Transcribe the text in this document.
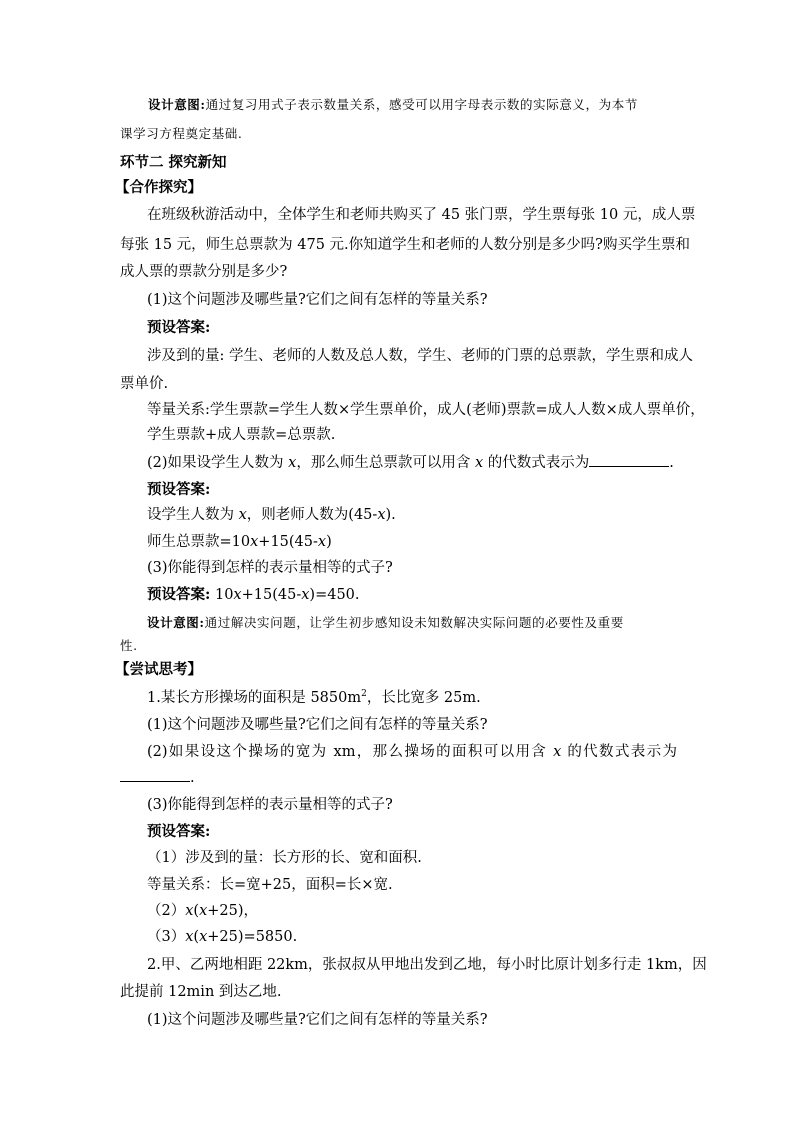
设计意图:通过复习用式子表示数量关系，感受可以用字母表示数的实际意义，为本节
课学习方程奠定基础.
环节二 探究新知
【合作探究】
在班级秋游活动中，全体学生和老师共购买了 45 张门票，学生票每张 10 元，成人票
每张 15 元，师生总票款为 475 元.你知道学生和老师的人数分别是多少吗?购买学生票和
成人票的票款分别是多少?
(1)这个问题涉及哪些量?它们之间有怎样的等量关系?
预设答案:
涉及到的量: 学生、老师的人数及总人数，学生、老师的门票的总票款，学生票和成人
票单价.
等量关系:学生票款=学生人数×学生票单价，成人(老师)票款=成人人数×成人票单价，
学生票款+成人票款=总票款.
(2)如果设学生人数为 x，那么师生总票款可以用含 x 的代数式表示为	.
预设答案:
设学生人数为 x，则老师人数为(45-x).
师生总票款=10x+15(45-x)
(3)你能得到怎样的表示量相等的式子?
预设答案: 10x+15(45-x)=450.
设计意图:通过解决实问题，让学生初步感知设未知数解决实际问题的必要性及重要
性.
【尝试思考】
1.某长方形操场的面积是 $5850m^2$，长比宽多 25m.
(1)这个问题涉及哪些量?它们之间有怎样的等量关系?
(2)如果设这个操场的宽为 xm，那么操场的面积可以用含 x 的代数式表示为
.
(3)你能得到怎样的表示量相等的式子?
预设答案:
（1）涉及到的量：长方形的长、宽和面积.
等量关系：长=宽+25，面积=长×宽.
（2）x(x+25)，
（3）x(x+25)=5850.
2.甲、乙两地相距 22km，张叔叔从甲地出发到乙地，每小时比原计划多行走 1km，因
此提前 12min 到达乙地.
(1)这个问题涉及哪些量?它们之间有怎样的等量关系?
